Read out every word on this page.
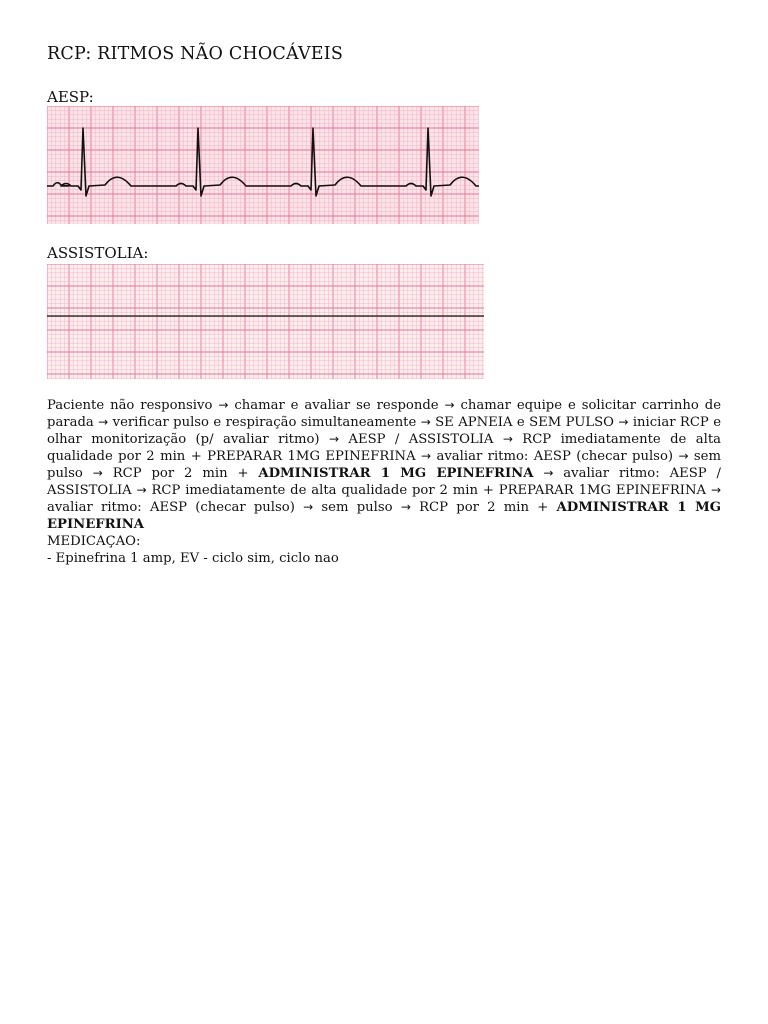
RCP: RITMOS NÃO CHOCÁVEIS
AESP:
ASSISTOLIA:
Paciente não responsivo → chamar e avaliar se responde → chamar equipe e solicitar carrinho de parada → verificar pulso e respiração simultaneamente → SE APNEIA e SEM PULSO → iniciar RCP e olhar monitorização (p/ avaliar ritmo) → AESP / ASSISTOLIA → RCP imediatamente de alta qualidade por 2 min + PREPARAR 1MG EPINEFRINA → avaliar ritmo: AESP (checar pulso) → sem pulso → RCP por 2 min + ADMINISTRAR 1 MG EPINEFRINA → avaliar ritmo: AESP / ASSISTOLIA → RCP imediatamente de alta qualidade por 2 min + PREPARAR 1MG EPINEFRINA → avaliar ritmo: AESP (checar pulso) → sem pulso → RCP por 2 min + ADMINISTRAR 1 MG EPINEFRINA
MEDICAÇAO:
- Epinefrina 1 amp, EV - ciclo sim, ciclo nao
